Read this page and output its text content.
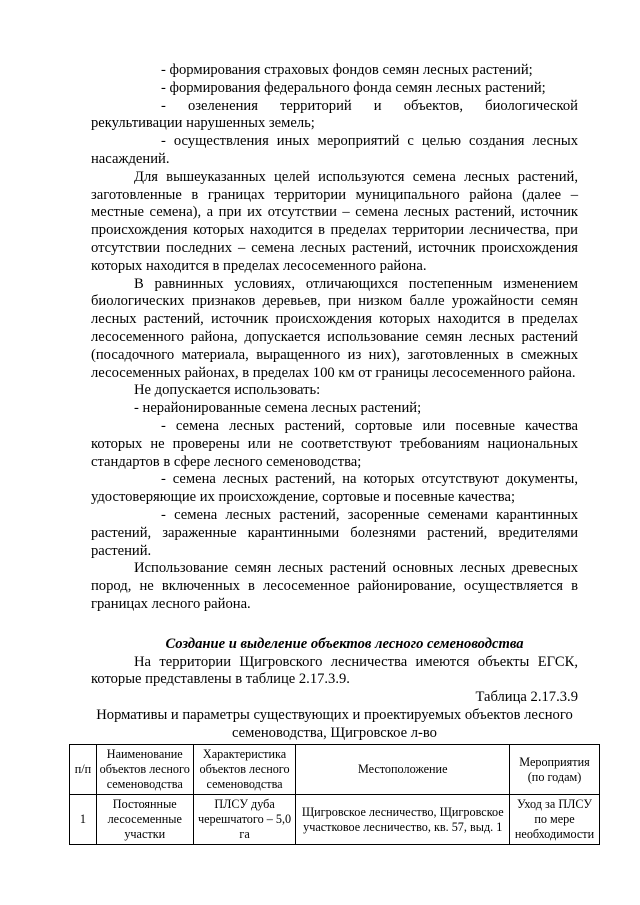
- формирования страховых фондов семян лесных растений;

- формирования федерального фонда семян лесных растений;

- озеленения территорий и объектов, биологической рекультивации нарушенных земель;

- осуществления иных мероприятий с целью создания лесных насаждений.

Для вышеуказанных целей используются семена лесных растений, заготовленные в границах территории муниципального района (далее – местные семена), а при их отсутствии – семена лесных растений, источник происхождения которых находится в пределах территории лесничества, при отсутствии последних – семена лесных растений, источник происхождения которых находится в пределах лесосеменного района.

В равнинных условиях, отличающихся постепенным изменением биологических признаков деревьев, при низком балле урожайности семян лесных растений, источник происхождения которых находится в пределах лесосеменного района, допускается использование семян лесных растений (посадочного материала, выращенного из них), заготовленных в смежных лесосеменных районах, в пределах 100 км от границы лесосеменного района.

Не допускается использовать:

- нерайонированные семена лесных растений;

- семена лесных растений, сортовые или посевные качества которых не проверены или не соответствуют требованиям национальных стандартов в сфере лесного семеноводства;

- семена лесных растений, на которых отсутствуют документы, удостоверяющие их происхождение, сортовые и посевные качества;

- семена лесных растений, засоренные семенами карантинных растений, зараженные карантинными болезнями растений, вредителями растений.

Использование семян лесных растений основных лесных древесных пород, не включенных в лесосеменное районирование, осуществляется в границах лесного района.

Создание и выделение объектов лесного семеноводства

На территории Щигровского лесничества имеются объекты ЕГСК, которые представлены в таблице 2.17.3.9.

Таблица 2.17.3.9

Нормативы и параметры существующих и проектируемых объектов лесного семеноводства, Щигровское л-во

п/п	Наименование объектов лесного семеноводства	Характеристика объектов лесного семеноводства	Местоположение	Мероприятия (по годам)
1	Постоянные лесосеменные участки	ПЛСУ дуба черешчатого – 5,0 га	Щигровское лесничество, Щигровское участковое лесничество, кв. 57, выд. 1	Уход за ПЛСУ по мере необходимости
